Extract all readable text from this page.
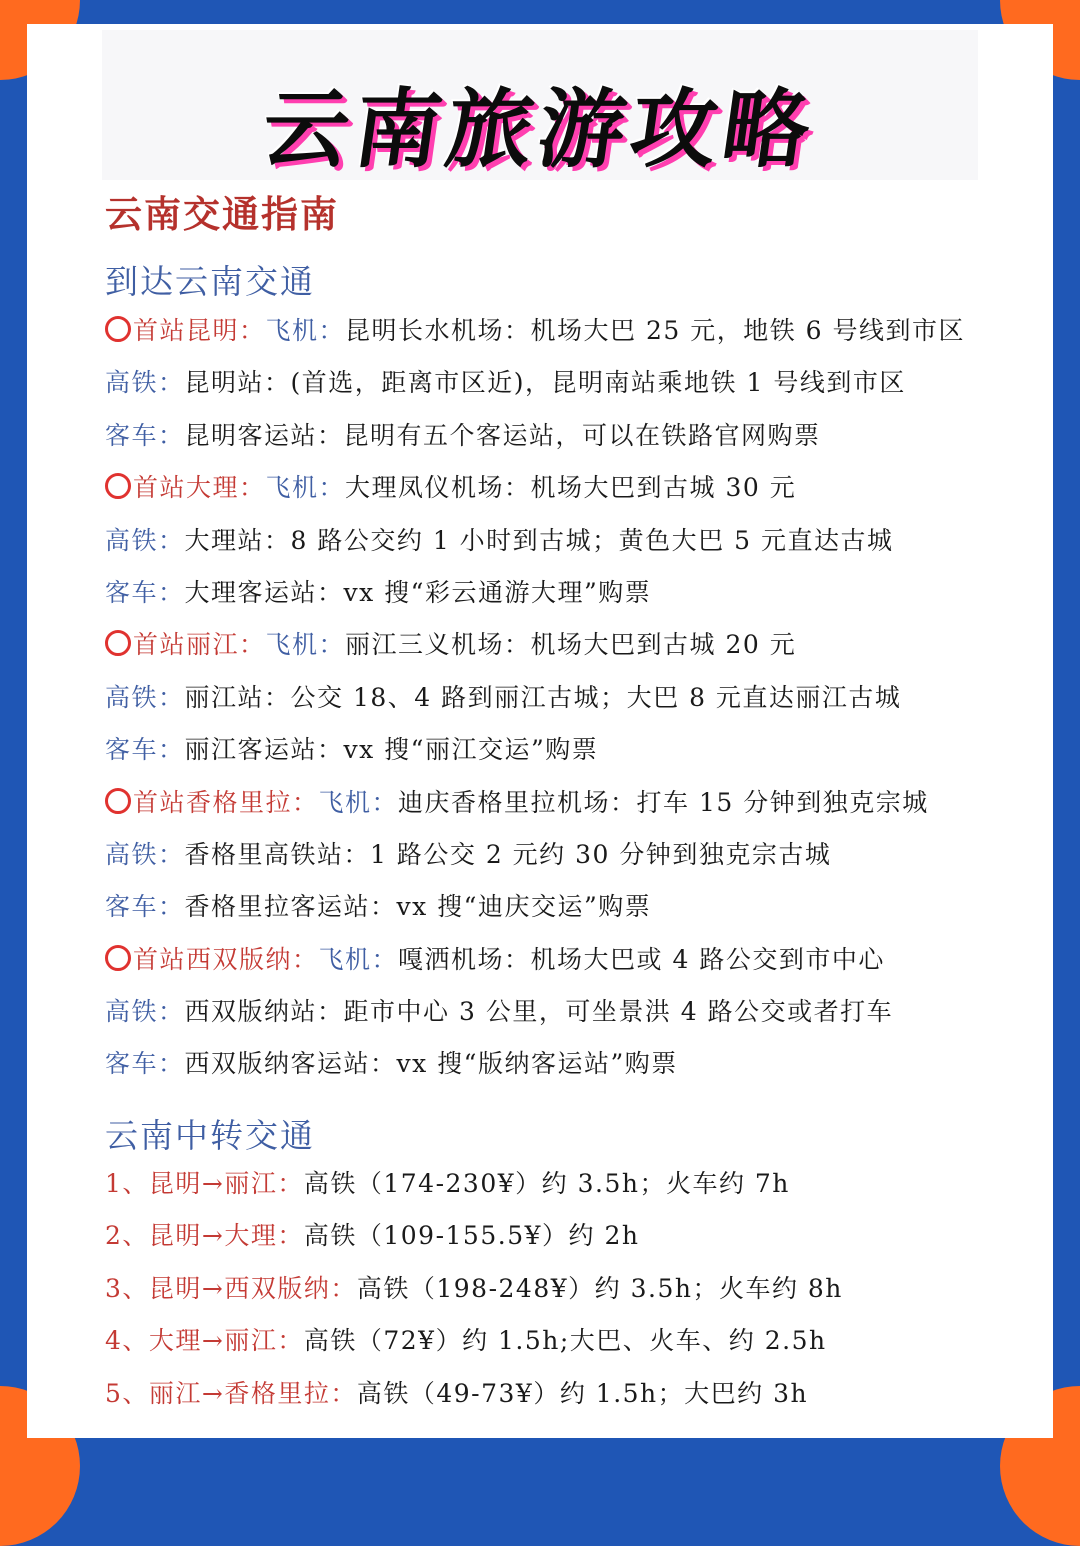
云南旅游攻略
云南交通指南
到达云南交通
首站昆明：飞机：昆明长水机场：机场大巴 25 元，地铁 6 号线到市区
高铁：昆明站：(首选，距离市区近)，昆明南站乘地铁 1 号线到市区
客车：昆明客运站：昆明有五个客运站，可以在铁路官网购票
首站大理：飞机：大理凤仪机场：机场大巴到古城 30 元
高铁：大理站：8 路公交约 1 小时到古城；黄色大巴 5 元直达古城
客车：大理客运站：vx 搜“彩云通游大理”购票
首站丽江：飞机：丽江三义机场：机场大巴到古城 20 元
高铁：丽江站：公交 18、4 路到丽江古城；大巴 8 元直达丽江古城
客车：丽江客运站：vx 搜“丽江交运”购票
首站香格里拉：飞机：迪庆香格里拉机场：打车 15 分钟到独克宗城
高铁：香格里高铁站：1 路公交 2 元约 30 分钟到独克宗古城
客车：香格里拉客运站：vx 搜“迪庆交运”购票
首站西双版纳：飞机：嘎洒机场：机场大巴或 4 路公交到市中心
高铁：西双版纳站：距市中心 3 公里，可坐景洪 4 路公交或者打车
客车：西双版纳客运站：vx 搜“版纳客运站”购票
云南中转交通
1、昆明→丽江：高铁（174-230¥）约 3.5h；火车约 7h
2、昆明→大理：高铁（109-155.5¥）约 2h
3、昆明→西双版纳：高铁（198-248¥）约 3.5h；火车约 8h
4、大理→丽江：高铁（72¥）约 1.5h;大巴、火车、约 2.5h
5、丽江→香格里拉：高铁（49-73¥）约 1.5h；大巴约 3h
